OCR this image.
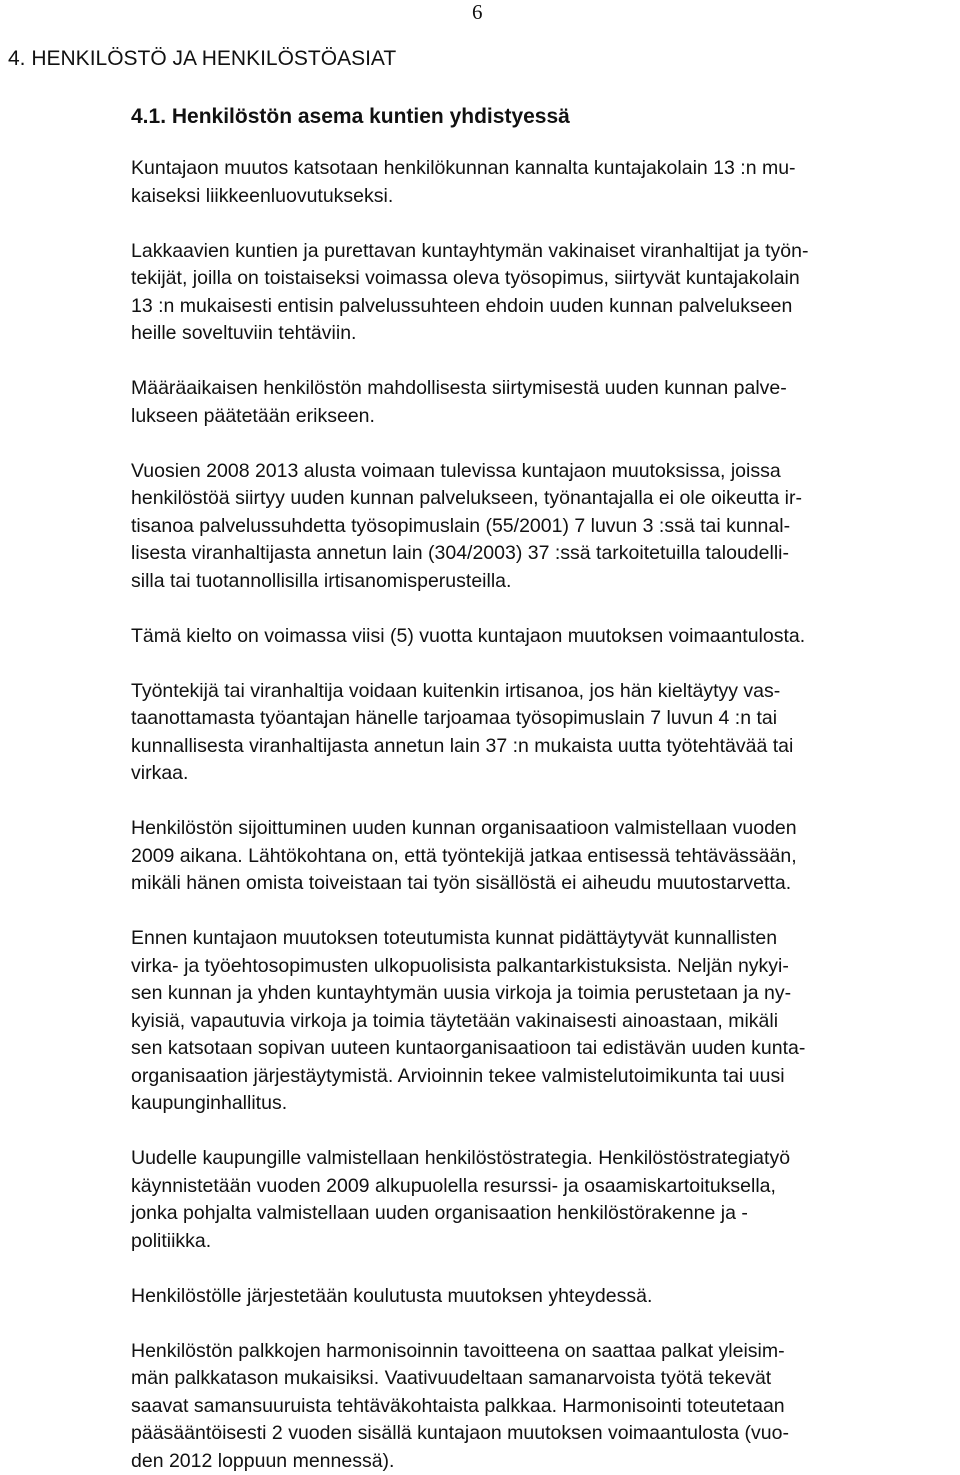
6
4. HENKILÖSTÖ JA HENKILÖSTÖASIAT
4.1. Henkilöstön asema kuntien yhdistyessä
Kuntajaon muutos katsotaan henkilökunnan kannalta kuntajakolain 13 :n mu-
kaiseksi liikkeenluovutukseksi.
Lakkaavien kuntien ja purettavan kuntayhtymän vakinaiset viranhaltijat ja työn-
tekijät, joilla on toistaiseksi voimassa oleva työsopimus, siirtyvät kuntajakolain
13 :n mukaisesti entisin palvelussuhteen ehdoin uuden kunnan palvelukseen
heille soveltuviin tehtäviin.
Määräaikaisen henkilöstön mahdollisesta siirtymisestä uuden kunnan palve-
lukseen päätetään erikseen.
Vuosien 2008 2013 alusta voimaan tulevissa kuntajaon muutoksissa, joissa
henkilöstöä siirtyy uuden kunnan palvelukseen, työnantajalla ei ole oikeutta ir-
tisanoa palvelussuhdetta työsopimuslain (55/2001) 7 luvun 3 :ssä tai kunnal-
lisesta viranhaltijasta annetun lain (304/2003) 37 :ssä tarkoitetuilla taloudelli-
silla tai tuotannollisilla irtisanomisperusteilla.
Tämä kielto on voimassa viisi (5) vuotta kuntajaon muutoksen voimaantulosta.
Työntekijä tai viranhaltija voidaan kuitenkin irtisanoa, jos hän kieltäytyy vas-
taanottamasta työantajan hänelle tarjoamaa työsopimuslain 7 luvun 4 :n tai
kunnallisesta viranhaltijasta annetun lain 37 :n mukaista uutta työtehtävää tai
virkaa.
Henkilöstön sijoittuminen uuden kunnan organisaatioon valmistellaan vuoden
2009 aikana. Lähtökohtana on, että työntekijä jatkaa entisessä tehtävässään,
mikäli hänen omista toiveistaan tai työn sisällöstä ei aiheudu muutostarvetta.
Ennen kuntajaon muutoksen toteutumista kunnat pidättäytyvät kunnallisten
virka- ja työehtosopimusten ulkopuolisista palkantarkistuksista. Neljän nykyi-
sen kunnan ja yhden kuntayhtymän uusia virkoja ja toimia perustetaan ja ny-
kyisiä, vapautuvia virkoja ja toimia täytetään vakinaisesti ainoastaan, mikäli
sen katsotaan sopivan uuteen kuntaorganisaatioon tai edistävän uuden kunta-
organisaation järjestäytymistä. Arvioinnin tekee valmistelutoimikunta tai uusi
kaupunginhallitus.
Uudelle kaupungille valmistellaan henkilöstöstrategia. Henkilöstöstrategiatyö
käynnistetään vuoden 2009 alkupuolella resurssi- ja osaamiskartoituksella,
jonka pohjalta valmistellaan uuden organisaation henkilöstörakenne ja -
politiikka.
Henkilöstölle järjestetään koulutusta muutoksen yhteydessä.
Henkilöstön palkkojen harmonisoinnin tavoitteena on saattaa palkat yleisim-
män palkkatason mukaisiksi. Vaativuudeltaan samanarvoista työtä tekevät
saavat samansuuruista tehtäväkohtaista palkkaa. Harmonisointi toteutetaan
pääsääntöisesti 2 vuoden sisällä kuntajaon muutoksen voimaantulosta (vuo-
den 2012 loppuun mennessä).
